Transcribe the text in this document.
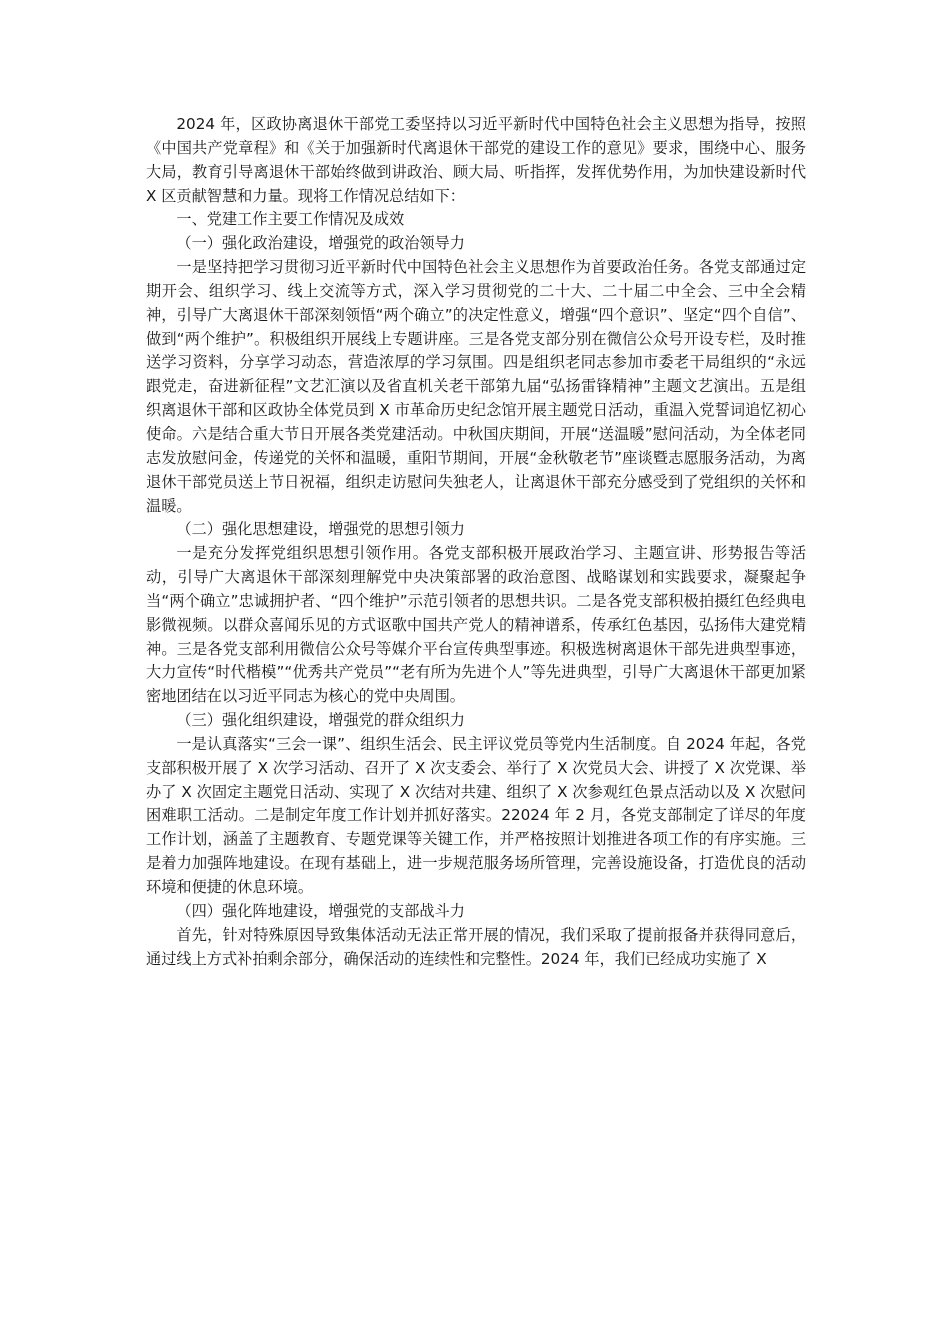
2024 年，区政协离退休干部党工委坚持以习近平新时代中国特色社会主义思想为指导，按照《中国共产党章程》和《关于加强新时代离退休干部党的建设工作的意见》要求，围绕中心、服务大局，教育引导离退休干部始终做到讲政治、顾大局、听指挥，发挥优势作用，为加快建设新时代 X 区贡献智慧和力量。现将工作情况总结如下：

一、党建工作主要工作情况及成效

（一）强化政治建设，增强党的政治领导力

一是坚持把学习贯彻习近平新时代中国特色社会主义思想作为首要政治任务。各党支部通过定期开会、组织学习、线上交流等方式，深入学习贯彻党的二十大、二十届二中全会、三中全会精神，引导广大离退休干部深刻领悟“两个确立”的决定性意义，增强“四个意识”、坚定“四个自信”、做到“两个维护”。积极组织开展线上专题讲座。三是各党支部分别在微信公众号开设专栏，及时推送学习资料，分享学习动态，营造浓厚的学习氛围。四是组织老同志参加市委老干局组织的“永远跟党走，奋进新征程”文艺汇演以及省直机关老干部第九届“弘扬雷锋精神”主题文艺演出。五是组织离退休干部和区政协全体党员到 X 市革命历史纪念馆开展主题党日活动，重温入党誓词追忆初心使命。六是结合重大节日开展各类党建活动。中秋国庆期间，开展“送温暖”慰问活动，为全体老同志发放慰问金，传递党的关怀和温暖，重阳节期间，开展“金秋敬老节”座谈暨志愿服务活动，为离退休干部党员送上节日祝福，组织走访慰问失独老人，让离退休干部充分感受到了党组织的关怀和温暖。

（二）强化思想建设，增强党的思想引领力

一是充分发挥党组织思想引领作用。各党支部积极开展政治学习、主题宣讲、形势报告等活动，引导广大离退休干部深刻理解党中央决策部署的政治意图、战略谋划和实践要求，凝聚起争当“两个确立”忠诚拥护者、“四个维护”示范引领者的思想共识。二是各党支部积极拍摄红色经典电影微视频。以群众喜闻乐见的方式讴歌中国共产党人的精神谱系，传承红色基因，弘扬伟大建党精神。三是各党支部利用微信公众号等媒介平台宣传典型事迹。积极选树离退休干部先进典型事迹，大力宣传“时代楷模”“优秀共产党员”“老有所为先进个人”等先进典型，引导广大离退休干部更加紧密地团结在以习近平同志为核心的党中央周围。

（三）强化组织建设，增强党的群众组织力

一是认真落实“三会一课”、组织生活会、民主评议党员等党内生活制度。自 2024 年起，各党支部积极开展了 X 次学习活动、召开了 X 次支委会、举行了 X 次党员大会、讲授了 X 次党课、举办了 X 次固定主题党日活动、实现了 X 次结对共建、组织了 X 次参观红色景点活动以及 X 次慰问困难职工活动。二是制定年度工作计划并抓好落实。22024 年 2 月，各党支部制定了详尽的年度工作计划，涵盖了主题教育、专题党课等关键工作，并严格按照计划推进各项工作的有序实施。三是着力加强阵地建设。在现有基础上，进一步规范服务场所管理，完善设施设备，打造优良的活动环境和便捷的休息环境。

（四）强化阵地建设，增强党的支部战斗力

首先，针对特殊原因导致集体活动无法正常开展的情况，我们采取了提前报备并获得同意后，通过线上方式补拍剩余部分，确保活动的连续性和完整性。2024 年，我们已经成功实施了 X
